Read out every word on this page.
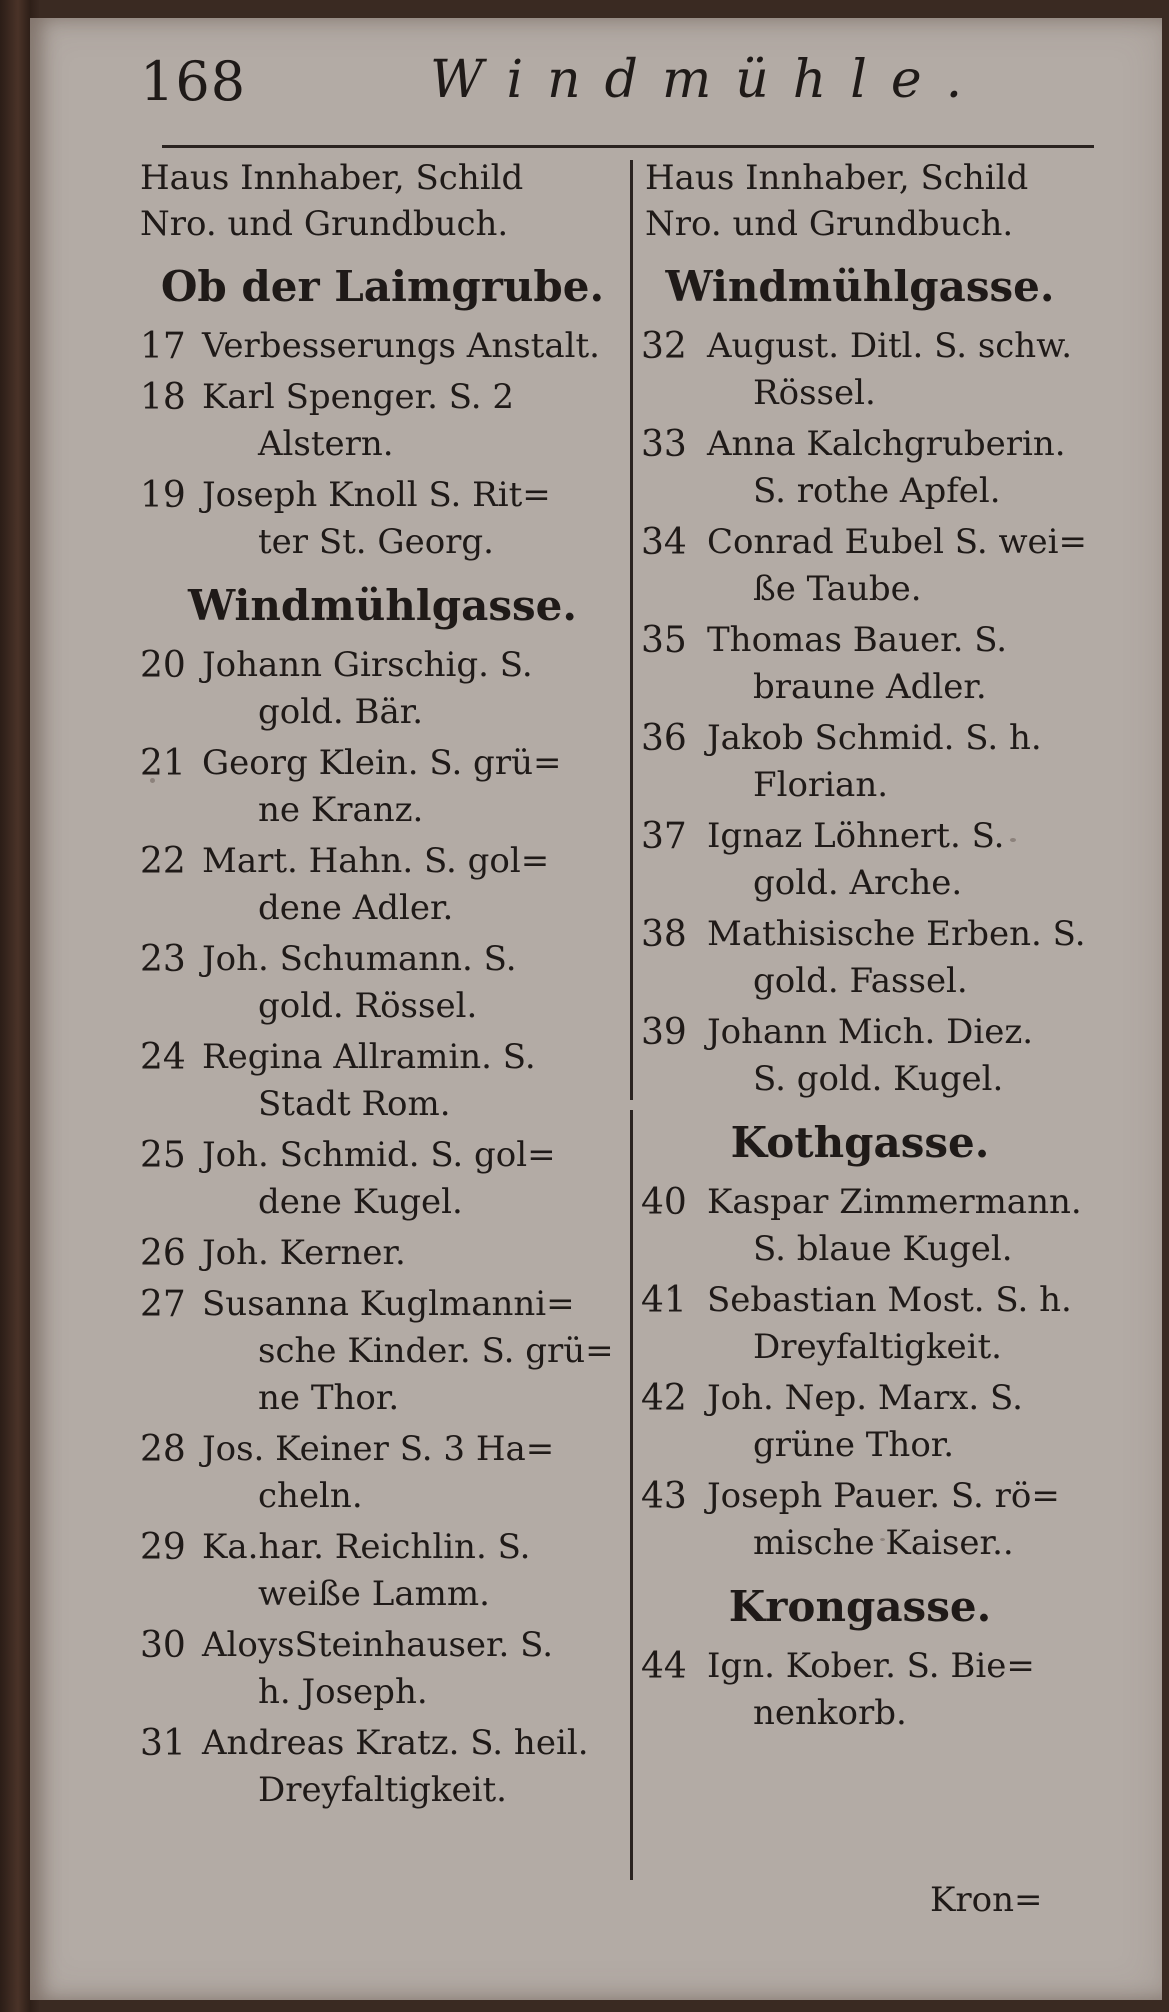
168	Windmühle.
Haus Innhaber, Schild
Nro. und Grundbuch.
Ob der Laimgrube.
17 Verbesserungs Anstalt.
18 Karl Spenger. S. 2
Alstern.
19 Joseph Knoll S. Rit=
ter St. Georg.
Windmühlgasse.
20 Johann Girschig. S.
gold. Bär.
21 Georg Klein. S. grü=
ne Kranz.
22 Mart. Hahn. S. gol=
dene Adler.
23 Joh. Schumann. S.
gold. Rössel.
24 Regina Allramin. S.
Stadt Rom.
25 Joh. Schmid. S. gol=
dene Kugel.
26 Joh. Kerner.
27 Susanna Kuglmanni=
sche Kinder. S. grü=
ne Thor.
28 Jos. Keiner S. 3 Ha=
cheln.
29 Ka.har. Reichlin. S.
weiße Lamm.
30 AloysSteinhauser. S.
h. Joseph.
31 Andreas Kratz. S. heil.
Dreyfaltigkeit.
Haus Innhaber, Schild
Nro. und Grundbuch.
Windmühlgasse.
32 August. Ditl. S. schw.
Rössel.
33 Anna Kalchgruberin.
S. rothe Apfel.
34 Conrad Eubel S. wei=
ße Taube.
35 Thomas Bauer. S.
braune Adler.
36 Jakob Schmid. S. h.
Florian.
37 Ignaz Löhnert. S.
gold. Arche.
38 Mathisische Erben. S.
gold. Fassel.
39 Johann Mich. Diez.
S. gold. Kugel.
Kothgasse.
40 Kaspar Zimmermann.
S. blaue Kugel.
41 Sebastian Most. S. h.
Dreyfaltigkeit.
42 Joh. Nep. Marx. S.
grüne Thor.
43 Joseph Pauer. S. rö=
mische Kaiser..
Krongasse.
44 Ign. Kober. S. Bie=
nenkorb.
Kron=
